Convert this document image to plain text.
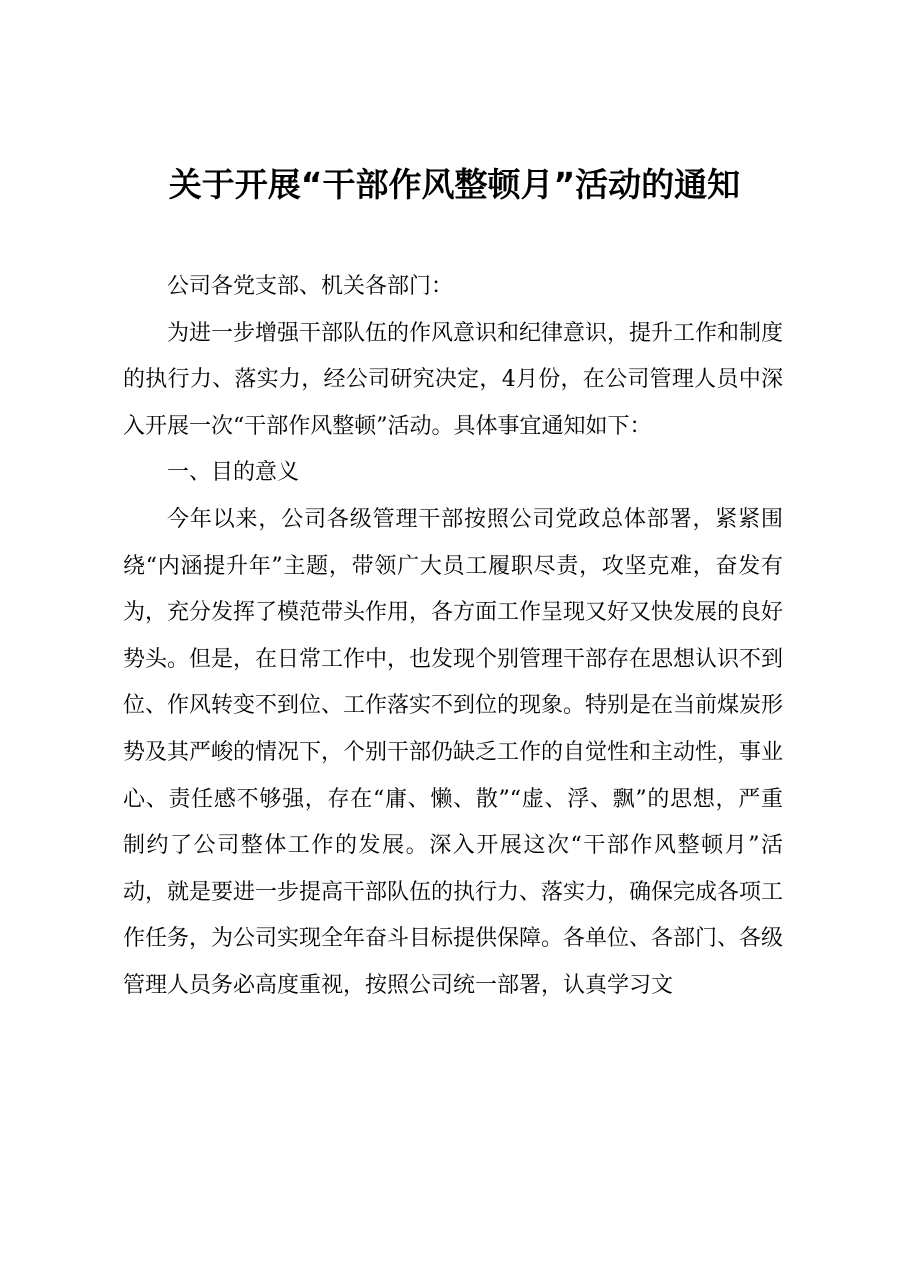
关于开展“干部作风整顿月”活动的通知

公司各党支部、机关各部门：

为进一步增强干部队伍的作风意识和纪律意识，提升工作和制度的执行力、落实力，经公司研究决定，4月份，在公司管理人员中深入开展一次“干部作风整顿”活动。具体事宜通知如下：

一、目的意义

今年以来，公司各级管理干部按照公司党政总体部署，紧紧围绕“内涵提升年”主题，带领广大员工履职尽责，攻坚克难，奋发有为，充分发挥了模范带头作用，各方面工作呈现又好又快发展的良好势头。但是，在日常工作中，也发现个别管理干部存在思想认识不到位、作风转变不到位、工作落实不到位的现象。特别是在当前煤炭形势及其严峻的情况下，个别干部仍缺乏工作的自觉性和主动性，事业心、责任感不够强，存在“庸、懒、散”“虚、浮、飘”的思想，严重制约了公司整体工作的发展。深入开展这次“干部作风整顿月”活动，就是要进一步提高干部队伍的执行力、落实力，确保完成各项工作任务，为公司实现全年奋斗目标提供保障。各单位、各部门、各级管理人员务必高度重视，按照公司统一部署，认真学习文
